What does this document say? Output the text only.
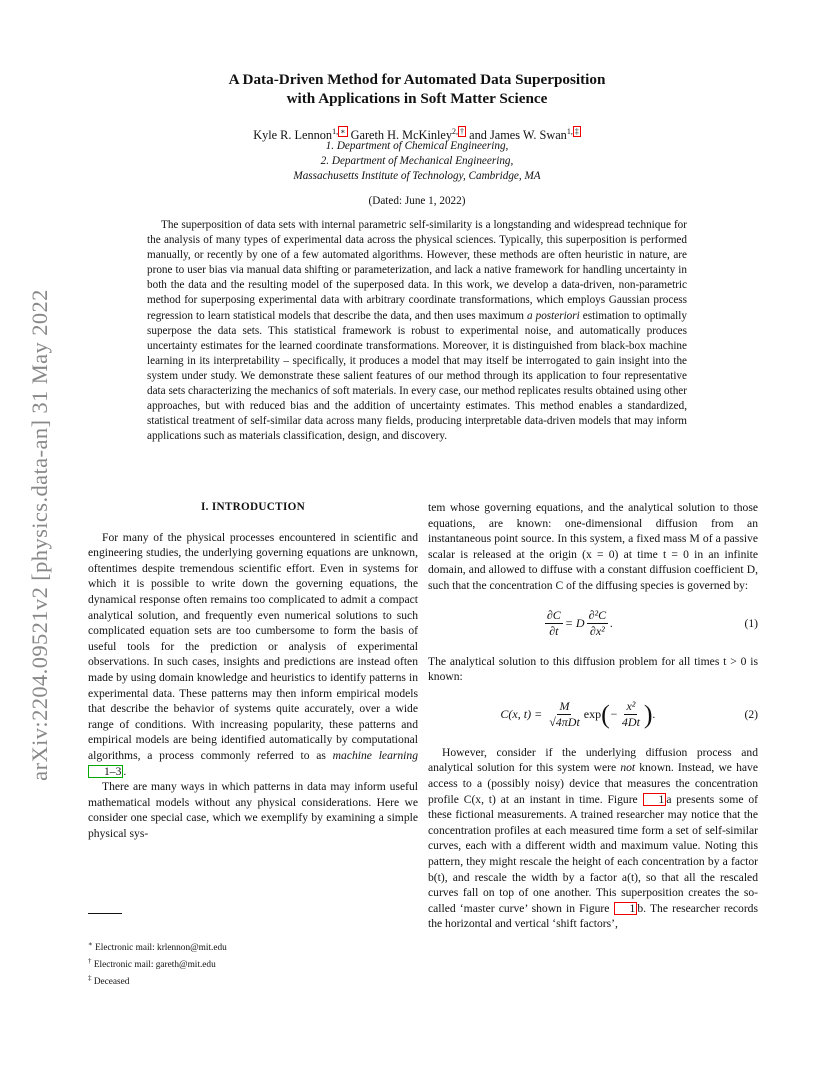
arXiv:2204.09521v2 [physics.data-an] 31 May 2022
A Data-Driven Method for Automated Data Superposition
with Applications in Soft Matter Science
Kyle R. Lennon$^{1,}$ ∗ Gareth H. McKinley$^{2,}$ † and James W. Swan$^{1,}$ ‡
1. Department of Chemical Engineering,
2. Department of Mechanical Engineering,
Massachusetts Institute of Technology, Cambridge, MA
(Dated: June 1, 2022)
The superposition of data sets with internal parametric self-similarity is a longstanding and widespread technique for the analysis of many types of experimental data across the physical sciences. Typically, this superposition is performed manually, or recently by one of a few automated algorithms. However, these methods are often heuristic in nature, are prone to user bias via manual data shifting or parameterization, and lack a native framework for handling uncertainty in both the data and the resulting model of the superposed data. In this work, we develop a data-driven, non-parametric method for superposing experimental data with arbitrary coordinate transformations, which employs Gaussian process regression to learn statistical models that describe the data, and then uses maximum a posteriori estimation to optimally superpose the data sets. This statistical framework is robust to experimental noise, and automatically produces uncertainty estimates for the learned coordinate transformations. Moreover, it is distinguished from black-box machine learning in its interpretability – specifically, it produces a model that may itself be interrogated to gain insight into the system under study. We demonstrate these salient features of our method through its application to four representative data sets characterizing the mechanics of soft materials. In every case, our method replicates results obtained using other approaches, but with reduced bias and the addition of uncertainty estimates. This method enables a standardized, statistical treatment of self-similar data across many fields, producing interpretable data-driven models that may inform applications such as materials classification, design, and discovery.
I. INTRODUCTION

For many of the physical processes encountered in scientific and engineering studies, the underlying governing equations are unknown, oftentimes despite tremendous scientific effort. Even in systems for which it is possible to write down the governing equations, the dynamical response often remains too complicated to admit a compact analytical solution, and frequently even numerical solutions to such complicated equation sets are too cumbersome to form the basis of useful tools for the prediction or analysis of experimental observations. In such cases, insights and predictions are instead often made by using domain knowledge and heuristics to identify patterns in experimental data. These patterns may then inform empirical models that describe the behavior of systems quite accurately, over a wide range of conditions. With increasing popularity, these patterns and empirical models are being identified automatically by computational algorithms, a process commonly referred to as machine learning 1–3 .

There are many ways in which patterns in data may inform useful mathematical models without any physical considerations. Here we consider one special case, which we exemplify by examining a simple physical sys-

tem whose governing equations, and the analytical solution to those equations, are known: one-dimensional diffusion from an instantaneous point source. In this system, a fixed mass M of a passive scalar is released at the origin (x = 0) at time t = 0 in an infinite domain, and allowed to diffuse with a constant diffusion coefficient D, such that the concentration C of the diffusing species is governed by:

$\frac{\partial C}{\partial t} = D \frac{\text{∂²C}}{\text{∂x²}}$ .	(1)

The analytical solution to this diffusion problem for all times t > 0 is known:

C(x, t) =
$\frac{M}{\text{√4πDt}}$ exp ( − $\frac{\text{x²}}{4Dt}$ ) .	(2)

However, consider if the underlying diffusion process and analytical solution for this system were not known. Instead, we have access to a (possibly noisy) device that measures the concentration profile C(x, t) at an instant in time. Figure 1 a presents some of these fictional measurements. A trained researcher may notice that the concentration profiles at each measured time form a set of self-similar curves, each with a different width and maximum value. Noting this pattern, they might rescale the height of each concentration by a factor b(t), and rescale the width by a factor a(t), so that all the rescaled curves fall on top of one another. This superposition creates the so-called ‘master curve’ shown in Figure 1 b. The researcher records the horizontal and vertical ‘shift factors’,

∗ Electronic mail: krlennon@mit.edu
† Electronic mail: gareth@mit.edu
‡ Deceased
